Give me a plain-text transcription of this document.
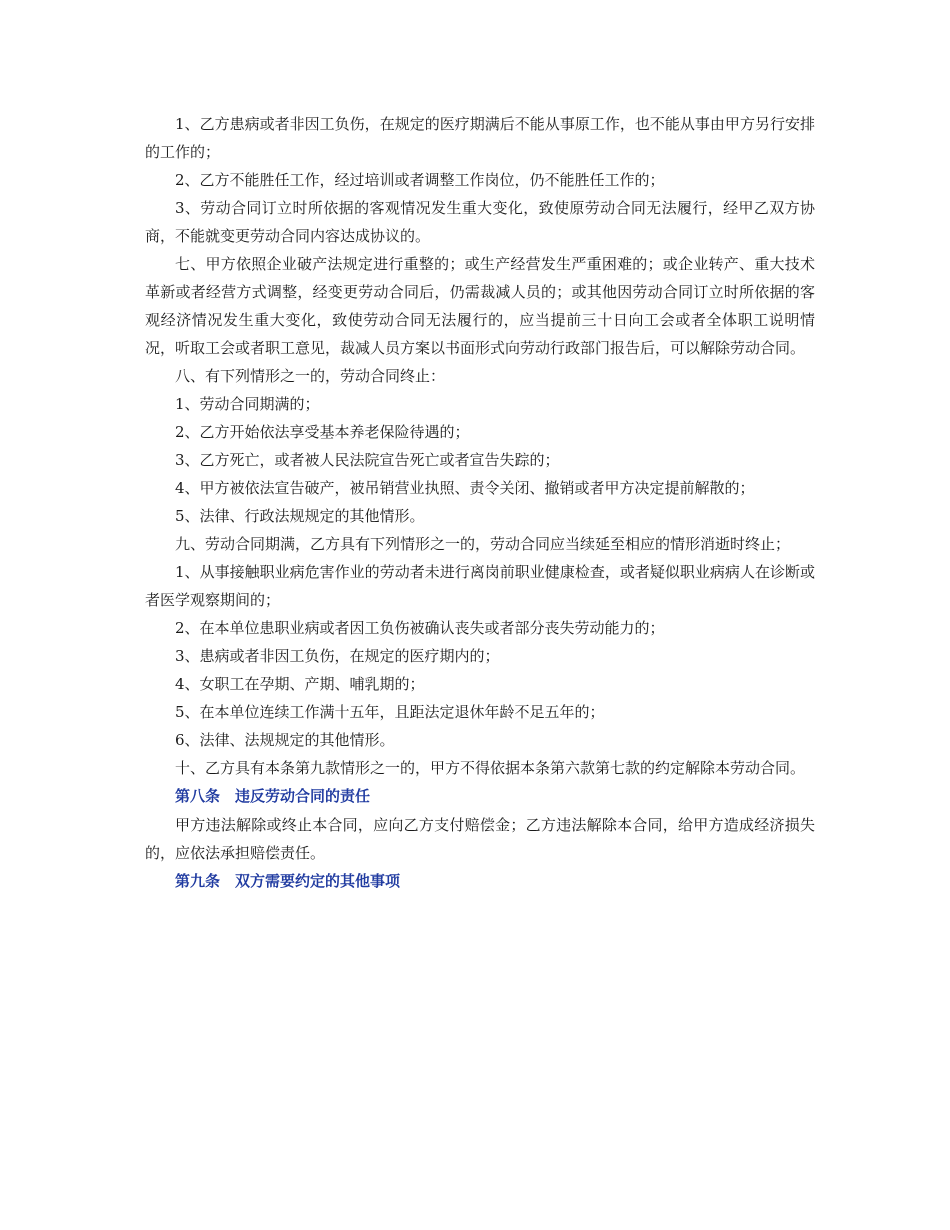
1、乙方患病或者非因工负伤，在规定的医疗期满后不能从事原工作，也不能从事由甲方另行安排的工作的；

2、乙方不能胜任工作，经过培训或者调整工作岗位，仍不能胜任工作的；

3、劳动合同订立时所依据的客观情况发生重大变化，致使原劳动合同无法履行，经甲乙双方协商，不能就变更劳动合同内容达成协议的。

七、甲方依照企业破产法规定进行重整的；或生产经营发生严重困难的；或企业转产、重大技术革新或者经营方式调整，经变更劳动合同后，仍需裁减人员的；或其他因劳动合同订立时所依据的客观经济情况发生重大变化，致使劳动合同无法履行的，应当提前三十日向工会或者全体职工说明情况，听取工会或者职工意见，裁减人员方案以书面形式向劳动行政部门报告后，可以解除劳动合同。

八、有下列情形之一的，劳动合同终止：

1、劳动合同期满的；

2、乙方开始依法享受基本养老保险待遇的；

3、乙方死亡，或者被人民法院宣告死亡或者宣告失踪的；

4、甲方被依法宣告破产，被吊销营业执照、责令关闭、撤销或者甲方决定提前解散的；

5、法律、行政法规规定的其他情形。

九、劳动合同期满，乙方具有下列情形之一的，劳动合同应当续延至相应的情形消逝时终止；

1、从事接触职业病危害作业的劳动者未进行离岗前职业健康检查，或者疑似职业病病人在诊断或者医学观察期间的；

2、在本单位患职业病或者因工负伤被确认丧失或者部分丧失劳动能力的；

3、患病或者非因工负伤，在规定的医疗期内的；

4、女职工在孕期、产期、哺乳期的；

5、在本单位连续工作满十五年，且距法定退休年龄不足五年的；

6、法律、法规规定的其他情形。

十、乙方具有本条第九款情形之一的，甲方不得依据本条第六款第七款的约定解除本劳动合同。

第八条　违反劳动合同的责任

甲方违法解除或终止本合同，应向乙方支付赔偿金；乙方违法解除本合同，给甲方造成经济损失的，应依法承担赔偿责任。

第九条　双方需要约定的其他事项
